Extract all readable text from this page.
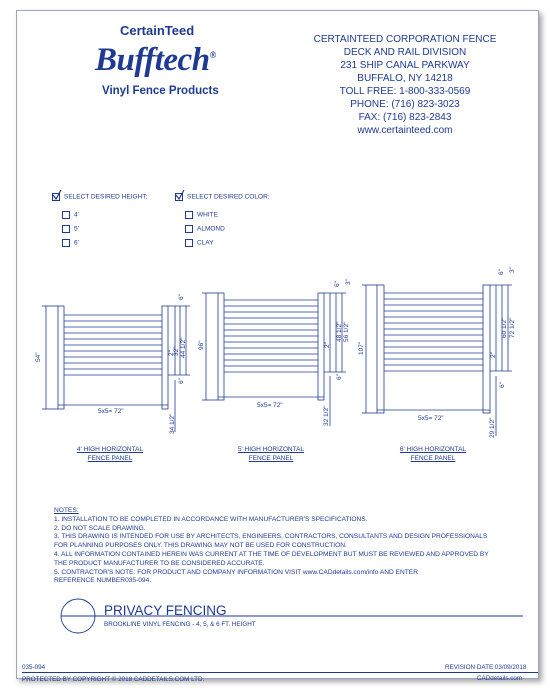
CertainTeed
Bufftech®
Vinyl Fence Products
CERTAINTEED CORPORATION FENCE
DECK AND RAIL DIVISION
231 SHIP CANAL PARKWAY
BUFFALO, NY 14218
TOLL FREE: 1-800-333-0569
PHONE: (716) 823-3023
FAX: (716) 823-2843
www.certainteed.com
SELECT DESIRED HEIGHT:
4'
5'
6'
SELECT DESIRED COLOR:
WHITE
ALMOND
CLAY
54"
5x5= 72"
6"
2"
32" 44 1/2"
6"
34 1/2"
96"
5x5= 72"
6" 3"
2"
48 1/2" 56 1/2"
6"
32 1/2"
107"
5x5= 72"
6" 3"
2"
60 1/2" 72 1/2"
6"
29 1/2"
4' HIGH HORIZONTAL
FENCE PANEL
5' HIGH HORIZONTAL
FENCE PANEL
6' HIGH HORIZONTAL
FENCE PANEL
NOTES:
1. INSTALLATION TO BE COMPLETED IN ACCORDANCE WITH MANUFACTURER'S SPECIFICATIONS.
2. DO NOT SCALE DRAWING.
3. THIS DRAWING IS INTENDED FOR USE BY ARCHITECTS, ENGINEERS, CONTRACTORS, CONSULTANTS AND DESIGN PROFESSIONALS
FOR PLANNING PURPOSES ONLY. THIS DRAWING MAY NOT BE USED FOR CONSTRUCTION.
4. ALL INFORMATION CONTAINED HEREIN WAS CURRENT AT THE TIME OF DEVELOPMENT BUT MUST BE REVIEWED AND APPROVED BY
THE PRODUCT MANUFACTURER TO BE CONSIDERED ACCURATE.
5. CONTRACTOR'S NOTE: FOR PRODUCT AND COMPANY INFORMATION VISIT www.CADdetails.com/info AND ENTER
REFERENCE NUMBER035-094.
PRIVACY FENCING
BROOKLINE VINYL FENCING - 4, 5, & 6 FT. HEIGHT
035-094	REVISION DATE 03/09/2018
PROTECTED BY COPYRIGHT © 2018 CADDETAILS.COM LTD.	CADdetails.com
